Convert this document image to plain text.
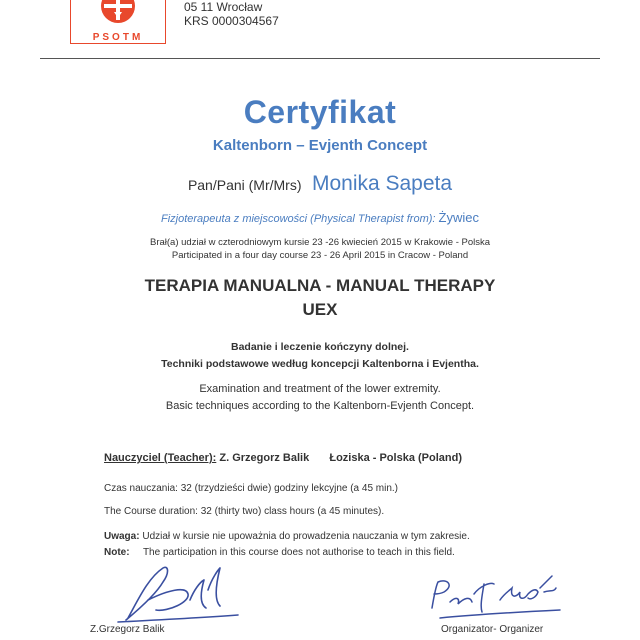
PSOTM
05 11 Wrocław
KRS 0000304567
Certyfikat
Kaltenborn – Evjenth Concept
Pan/Pani (Mr/Mrs) Monika Sapeta
Fizjoterapeuta z miejscowości (Physical Therapist from): Żywiec
Brał(a) udział w czterodniowym kursie 23 -26 kwiecień 2015 w Krakowie - Polska
Participated in a four day course 23 - 26 April 2015 in Cracow - Poland
TERAPIA MANUALNA - MANUAL THERAPY
UEX
Badanie i leczenie kończyny dolnej.
Techniki podstawowe według koncepcji Kaltenborna i Evjentha.
Examination and treatment of the lower extremity.
Basic techniques according to the Kaltenborn-Evjenth Concept.
Nauczyciel (Teacher): Z. Grzegorz Balik Łoziska - Polska (Poland)
Czas nauczania: 32 (trzydzieści dwie) godziny lekcyjne (a 45 min.)
The Course duration: 32 (thirty two) class hours (a 45 minutes).
Uwaga: Udział w kursie nie upoważnia do prowadzenia nauczania w tym zakresie.
Note: The participation in this course does not authorise to teach in this field.
Z.Grzegorz Balik	Organizator- Organizer
